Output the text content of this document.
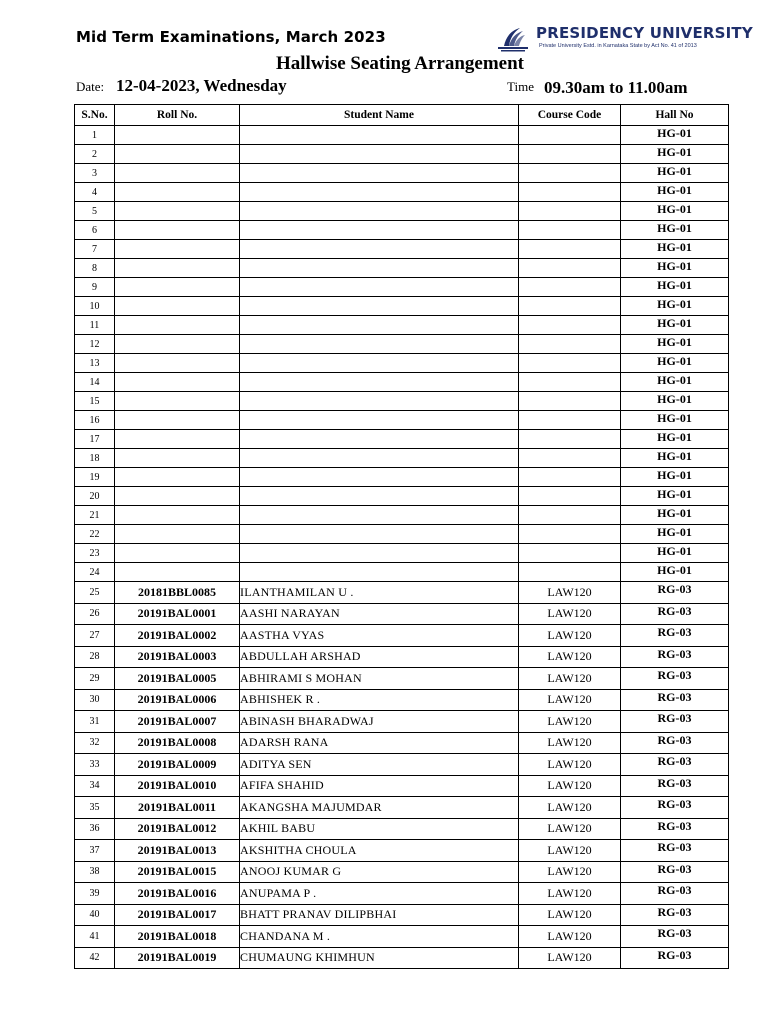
Mid Term Examinations, March 2023	PRESIDENCY UNIVERSITY
Private University Estd. in Karnataka State by Act No. 41 of 2013
Hallwise Seating Arrangement
Date: 12-04-2023, Wednesday	Time 09.30am to 11.00am
S.No.	Roll No.	Student Name	Course Code	Hall No
1				HG-01
2				HG-01
3				HG-01
4				HG-01
5				HG-01
6				HG-01
7				HG-01
8				HG-01
9				HG-01
10				HG-01
11				HG-01
12				HG-01
13				HG-01
14				HG-01
15				HG-01
16				HG-01
17				HG-01
18				HG-01
19				HG-01
20				HG-01
21				HG-01
22				HG-01
23				HG-01
24				HG-01
25	20181BBL0085	ILANTHAMILAN U .	LAW120	RG-03
26	20191BAL0001	AASHI NARAYAN	LAW120	RG-03
27	20191BAL0002	AASTHA VYAS	LAW120	RG-03
28	20191BAL0003	ABDULLAH ARSHAD	LAW120	RG-03
29	20191BAL0005	ABHIRAMI S MOHAN	LAW120	RG-03
30	20191BAL0006	ABHISHEK R .	LAW120	RG-03
31	20191BAL0007	ABINASH BHARADWAJ	LAW120	RG-03
32	20191BAL0008	ADARSH RANA	LAW120	RG-03
33	20191BAL0009	ADITYA SEN	LAW120	RG-03
34	20191BAL0010	AFIFA SHAHID	LAW120	RG-03
35	20191BAL0011	AKANGSHA MAJUMDAR	LAW120	RG-03
36	20191BAL0012	AKHIL BABU	LAW120	RG-03
37	20191BAL0013	AKSHITHA CHOULA	LAW120	RG-03
38	20191BAL0015	ANOOJ KUMAR G	LAW120	RG-03
39	20191BAL0016	ANUPAMA P .	LAW120	RG-03
40	20191BAL0017	BHATT PRANAV DILIPBHAI	LAW120	RG-03
41	20191BAL0018	CHANDANA M .	LAW120	RG-03
42	20191BAL0019	CHUMAUNG KHIMHUN	LAW120	RG-03
